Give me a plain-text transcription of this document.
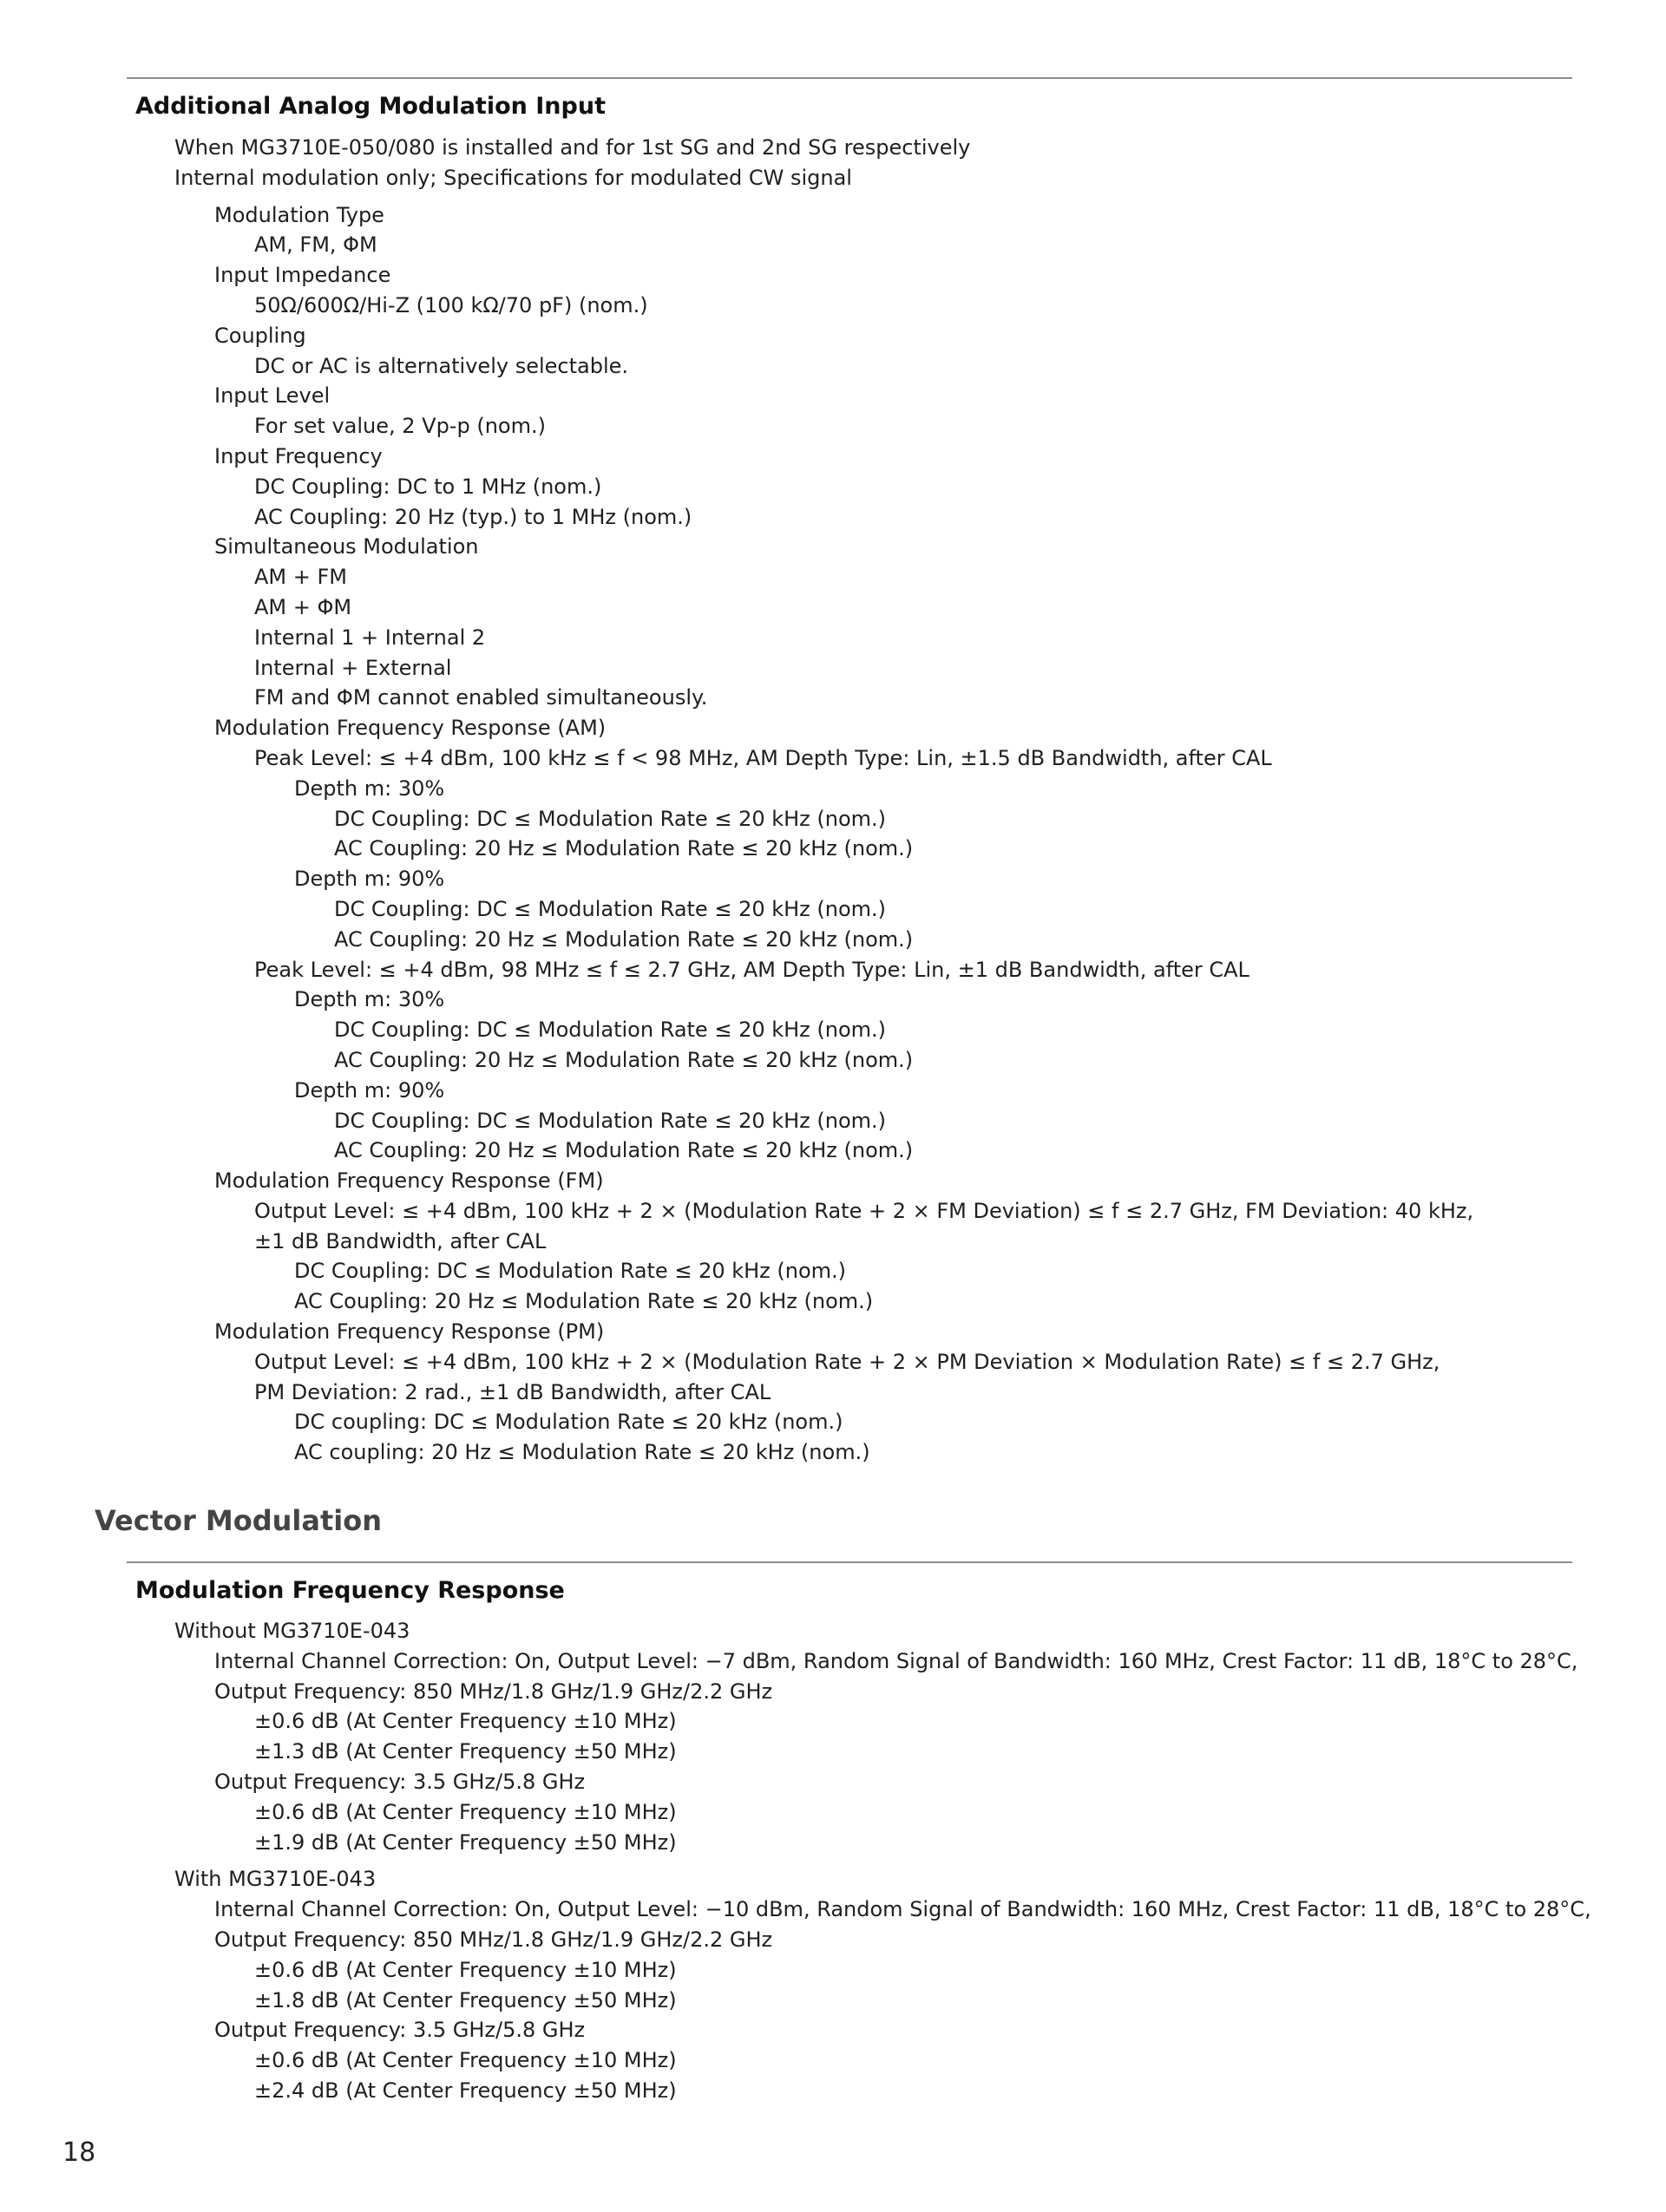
Additional Analog Modulation Input
When MG3710E-050/080 is installed and for 1st SG and 2nd SG respectively
Internal modulation only; Specifications for modulated CW signal
Modulation Type
AM, FM, ΦM
Input Impedance
50Ω/600Ω/Hi-Z (100 kΩ/70 pF) (nom.)
Coupling
DC or AC is alternatively selectable.
Input Level
For set value, 2 Vp-p (nom.)
Input Frequency
DC Coupling: DC to 1 MHz (nom.)
AC Coupling: 20 Hz (typ.) to 1 MHz (nom.)
Simultaneous Modulation
AM + FM
AM + ΦM
Internal 1 + Internal 2
Internal + External
FM and ΦM cannot enabled simultaneously.
Modulation Frequency Response (AM)
Peak Level: ≤ +4 dBm, 100 kHz ≤ f < 98 MHz, AM Depth Type: Lin, ±1.5 dB Bandwidth, after CAL
Depth m: 30%
DC Coupling: DC ≤ Modulation Rate ≤ 20 kHz (nom.)
AC Coupling: 20 Hz ≤ Modulation Rate ≤ 20 kHz (nom.)
Depth m: 90%
DC Coupling: DC ≤ Modulation Rate ≤ 20 kHz (nom.)
AC Coupling: 20 Hz ≤ Modulation Rate ≤ 20 kHz (nom.)
Peak Level: ≤ +4 dBm, 98 MHz ≤ f ≤ 2.7 GHz, AM Depth Type: Lin, ±1 dB Bandwidth, after CAL
Depth m: 30%
DC Coupling: DC ≤ Modulation Rate ≤ 20 kHz (nom.)
AC Coupling: 20 Hz ≤ Modulation Rate ≤ 20 kHz (nom.)
Depth m: 90%
DC Coupling: DC ≤ Modulation Rate ≤ 20 kHz (nom.)
AC Coupling: 20 Hz ≤ Modulation Rate ≤ 20 kHz (nom.)
Modulation Frequency Response (FM)
Output Level: ≤ +4 dBm, 100 kHz + 2 × (Modulation Rate + 2 × FM Deviation) ≤ f ≤ 2.7 GHz, FM Deviation: 40 kHz,
±1 dB Bandwidth, after CAL
DC Coupling: DC ≤ Modulation Rate ≤ 20 kHz (nom.)
AC Coupling: 20 Hz ≤ Modulation Rate ≤ 20 kHz (nom.)
Modulation Frequency Response (PM)
Output Level: ≤ +4 dBm, 100 kHz + 2 × (Modulation Rate + 2 × PM Deviation × Modulation Rate) ≤ f ≤ 2.7 GHz,
PM Deviation: 2 rad., ±1 dB Bandwidth, after CAL
DC coupling: DC ≤ Modulation Rate ≤ 20 kHz (nom.)
AC coupling: 20 Hz ≤ Modulation Rate ≤ 20 kHz (nom.)
Vector Modulation
Modulation Frequency Response
Without MG3710E-043
Internal Channel Correction: On, Output Level: −7 dBm, Random Signal of Bandwidth: 160 MHz, Crest Factor: 11 dB, 18°C to 28°C,
Output Frequency: 850 MHz/1.8 GHz/1.9 GHz/2.2 GHz
±0.6 dB (At Center Frequency ±10 MHz)
±1.3 dB (At Center Frequency ±50 MHz)
Output Frequency: 3.5 GHz/5.8 GHz
±0.6 dB (At Center Frequency ±10 MHz)
±1.9 dB (At Center Frequency ±50 MHz)
With MG3710E-043
Internal Channel Correction: On, Output Level: −10 dBm, Random Signal of Bandwidth: 160 MHz, Crest Factor: 11 dB, 18°C to 28°C,
Output Frequency: 850 MHz/1.8 GHz/1.9 GHz/2.2 GHz
±0.6 dB (At Center Frequency ±10 MHz)
±1.8 dB (At Center Frequency ±50 MHz)
Output Frequency: 3.5 GHz/5.8 GHz
±0.6 dB (At Center Frequency ±10 MHz)
±2.4 dB (At Center Frequency ±50 MHz)
18
